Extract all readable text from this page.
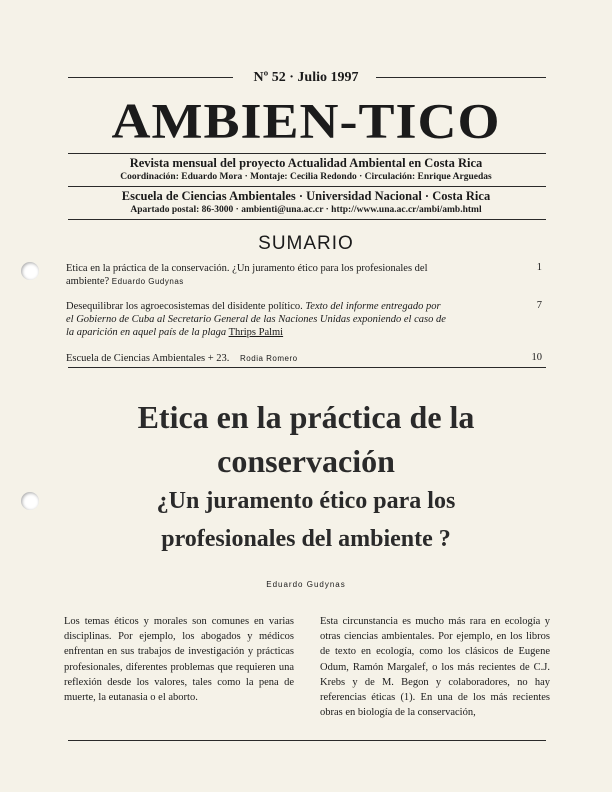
Nº 52 · Julio 1997
AMBIEN-TICO
Revista mensual del proyecto Actualidad Ambiental en Costa Rica
Coordinación: Eduardo Mora · Montaje: Cecilia Redondo · Circulación: Enrique Arguedas
Escuela de Ciencias Ambientales · Universidad Nacional · Costa Rica
Apartado postal: 86-3000 · ambienti@una.ac.cr · http://www.una.ac.cr/ambi/amb.html
SUMARIO
Etica en la práctica de la conservación. ¿Un juramento ético para los profesionales del
ambiente? Eduardo Gudynas
1
Desequilibrar los agroecosistemas del disidente político. Texto del informe entregado por
el Gobierno de Cuba al Secretario General de las Naciones Unidas exponiendo el caso de
la aparición en aquel país de la plaga Thrips Palmi
7
Escuela de Ciencias Ambientales + 23. Rodia Romero	10
Etica en la práctica de la
conservación
¿Un juramento ético para los
profesionales del ambiente ?
Eduardo Gudynas
Los temas éticos y morales son comunes en varias disciplinas. Por ejemplo, los abogados y médicos enfrentan en sus trabajos de investigación y prácticas profesionales, diferentes problemas que requieren una reflexión desde los valores, tales como la pena de muerte, la eutanasia o el aborto.
Esta circunstancia es mucho más rara en ecología y otras ciencias ambientales. Por ejemplo, en los libros de texto en ecología, como los clásicos de Eugene Odum, Ramón Margalef, o los más recientes de C.J. Krebs y de M. Begon y colaboradores, no hay referencias éticas (1). En una de los más recientes obras en biología de la conservación,
